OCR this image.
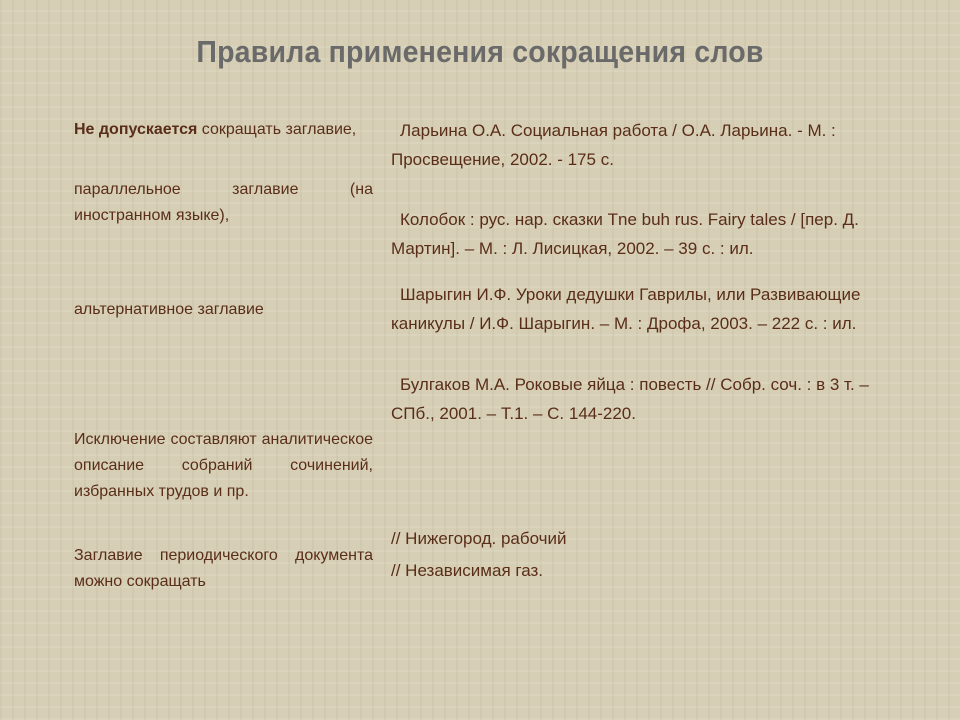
Правила применения сокращения слов
Не допускается сокращать заглавие,
параллельное заглавие (на иностранном языке),
альтернативное заглавие
Исключение составляют аналитическое описание собраний сочинений, избранных трудов и пр.
Заглавие периодического документа можно сокращать
Ларьина О.А. Социальная работа / О.А. Ларьина. - М. : Просвещение, 2002. - 175 с.
Колобок : рус. нар. сказки Tne buh rus. Fairy tales / [пер. Д. Мартин]. – М. : Л. Лисицкая, 2002. – 39 с. : ил.
Шарыгин И.Ф. Уроки дедушки Гаврилы, или Развивающие каникулы / И.Ф. Шарыгин. – М. : Дрофа, 2003. – 222 с. : ил.
Булгаков М.А. Роковые яйца : повесть // Собр. соч. : в 3 т. – СПб., 2001. – Т.1. – С. 144-220.
// Нижегород. рабочий
// Независимая газ.
